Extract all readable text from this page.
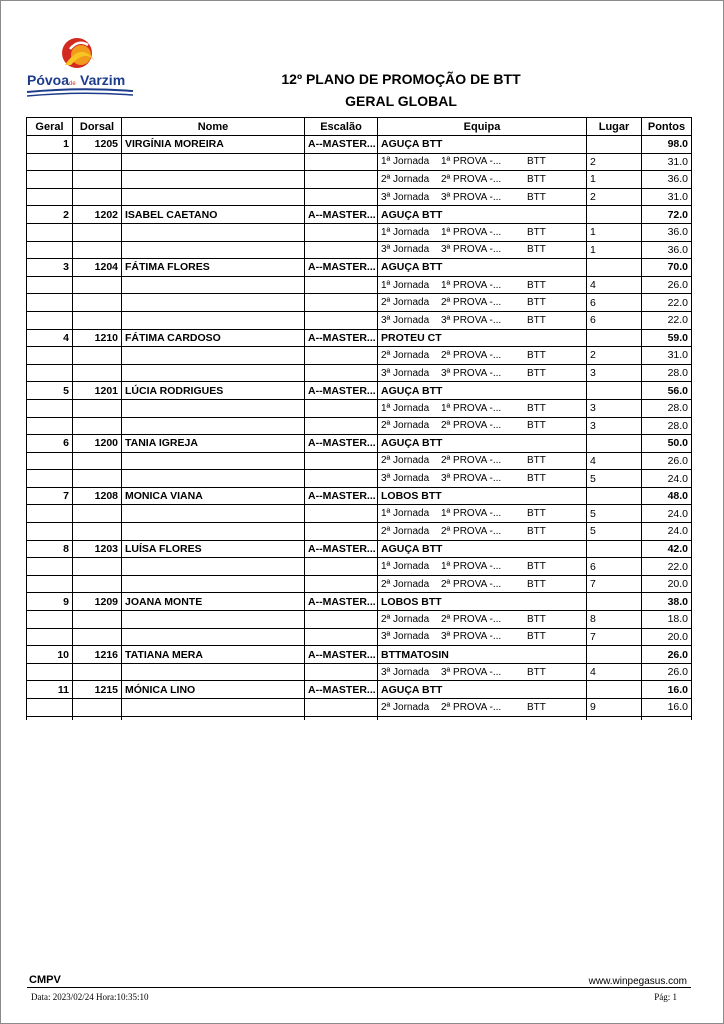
Póvoa de Varzim	12º PLANO DE PROMOÇÃO DE BTT
GERAL GLOBAL
Geral	Dorsal	Nome	Escalão	Equipa	Lugar	Pontos
1	1205	VIRGÍNIA MOREIRA	A--MASTER...	AGUÇA BTT		98.0

				1ª Jornada 1ª PROVA -... BTT	2	31.0

				2ª Jornada 2ª PROVA -... BTT	1	36.0

				3ª Jornada 3ª PROVA -... BTT	2	31.0
2	1202	ISABEL CAETANO	A--MASTER...	AGUÇA BTT		72.0

				1ª Jornada 1ª PROVA -... BTT	1	36.0

				3ª Jornada 3ª PROVA -... BTT	1	36.0
3	1204	FÁTIMA FLORES	A--MASTER...	AGUÇA BTT		70.0

				1ª Jornada 1ª PROVA -... BTT	4	26.0

				2ª Jornada 2ª PROVA -... BTT	6	22.0

				3ª Jornada 3ª PROVA -... BTT	6	22.0
4	1210	FÁTIMA CARDOSO	A--MASTER...	PROTEU CT		59.0

				2ª Jornada 2ª PROVA -... BTT	2	31.0

				3ª Jornada 3ª PROVA -... BTT	3	28.0
5	1201	LÚCIA RODRIGUES	A--MASTER...	AGUÇA BTT		56.0

				1ª Jornada 1ª PROVA -... BTT	3	28.0

				2ª Jornada 2ª PROVA -... BTT	3	28.0
6	1200	TANIA IGREJA	A--MASTER...	AGUÇA BTT		50.0

				2ª Jornada 2ª PROVA -... BTT	4	26.0

				3ª Jornada 3ª PROVA -... BTT	5	24.0
7	1208	MONICA VIANA	A--MASTER...	LOBOS BTT		48.0

				1ª Jornada 1ª PROVA -... BTT	5	24.0

				2ª Jornada 2ª PROVA -... BTT	5	24.0
8	1203	LUÍSA FLORES	A--MASTER...	AGUÇA BTT		42.0

				1ª Jornada 1ª PROVA -... BTT	6	22.0

				2ª Jornada 2ª PROVA -... BTT	7	20.0
9	1209	JOANA MONTE	A--MASTER...	LOBOS BTT		38.0

				2ª Jornada 2ª PROVA -... BTT	8	18.0

				3ª Jornada 3ª PROVA -... BTT	7	20.0
10	1216	TATIANA MERA	A--MASTER...	BTTMATOSIN		26.0

				3ª Jornada 3ª PROVA -... BTT	4	26.0
11	1215	MÓNICA LINO	A--MASTER...	AGUÇA BTT		16.0

				2ª Jornada 2ª PROVA -... BTT	9	16.0

CMPV	www.winpegasus.com
Data: 2023/02/24 Hora:10:35:10	Pág: 1
